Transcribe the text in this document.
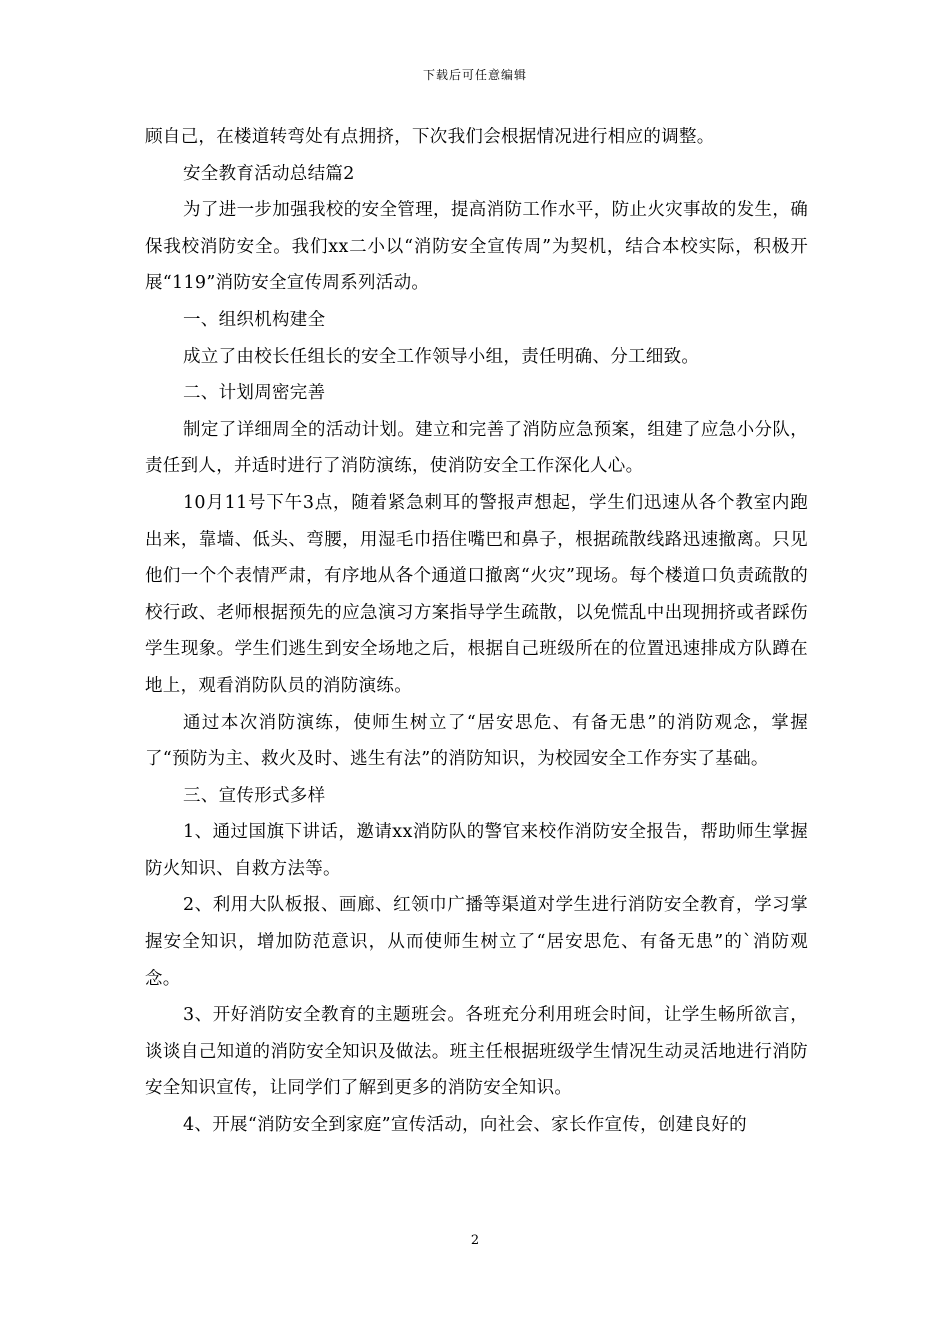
下载后可任意编辑

顾自己，在楼道转弯处有点拥挤，下次我们会根据情况进行相应的调整。

安全教育活动总结篇2

为了进一步加强我校的安全管理，提高消防工作水平，防止火灾事故的发生，确保我校消防安全。我们xx二小以“消防安全宣传周”为契机，结合本校实际，积极开展“119”消防安全宣传周系列活动。

一、组织机构建全

成立了由校长任组长的安全工作领导小组，责任明确、分工细致。

二、计划周密完善

制定了详细周全的活动计划。建立和完善了消防应急预案，组建了应急小分队，责任到人，并适时进行了消防演练，使消防安全工作深化人心。

10月11号下午3点，随着紧急刺耳的警报声想起，学生们迅速从各个教室内跑出来，靠墙、低头、弯腰，用湿毛巾捂住嘴巴和鼻子，根据疏散线路迅速撤离。只见他们一个个表情严肃，有序地从各个通道口撤离“火灾”现场。每个楼道口负责疏散的校行政、老师根据预先的应急演习方案指导学生疏散，以免慌乱中出现拥挤或者踩伤学生现象。学生们逃生到安全场地之后，根据自己班级所在的位置迅速排成方队蹲在地上，观看消防队员的消防演练。

通过本次消防演练，使师生树立了“居安思危、有备无患”的消防观念，掌握了“预防为主、救火及时、逃生有法”的消防知识，为校园安全工作夯实了基础。

三、宣传形式多样

1、通过国旗下讲话，邀请xx消防队的警官来校作消防安全报告，帮助师生掌握防火知识、自救方法等。

2、利用大队板报、画廊、红领巾广播等渠道对学生进行消防安全教育，学习掌握安全知识，增加防范意识，从而使师生树立了“居安思危、有备无患”的`消防观念。

3、开好消防安全教育的主题班会。各班充分利用班会时间，让学生畅所欲言，谈谈自己知道的消防安全知识及做法。班主任根据班级学生情况生动灵活地进行消防安全知识宣传，让同学们了解到更多的消防安全知识。

4、开展“消防安全到家庭”宣传活动，向社会、家长作宣传，创建良好的

2
